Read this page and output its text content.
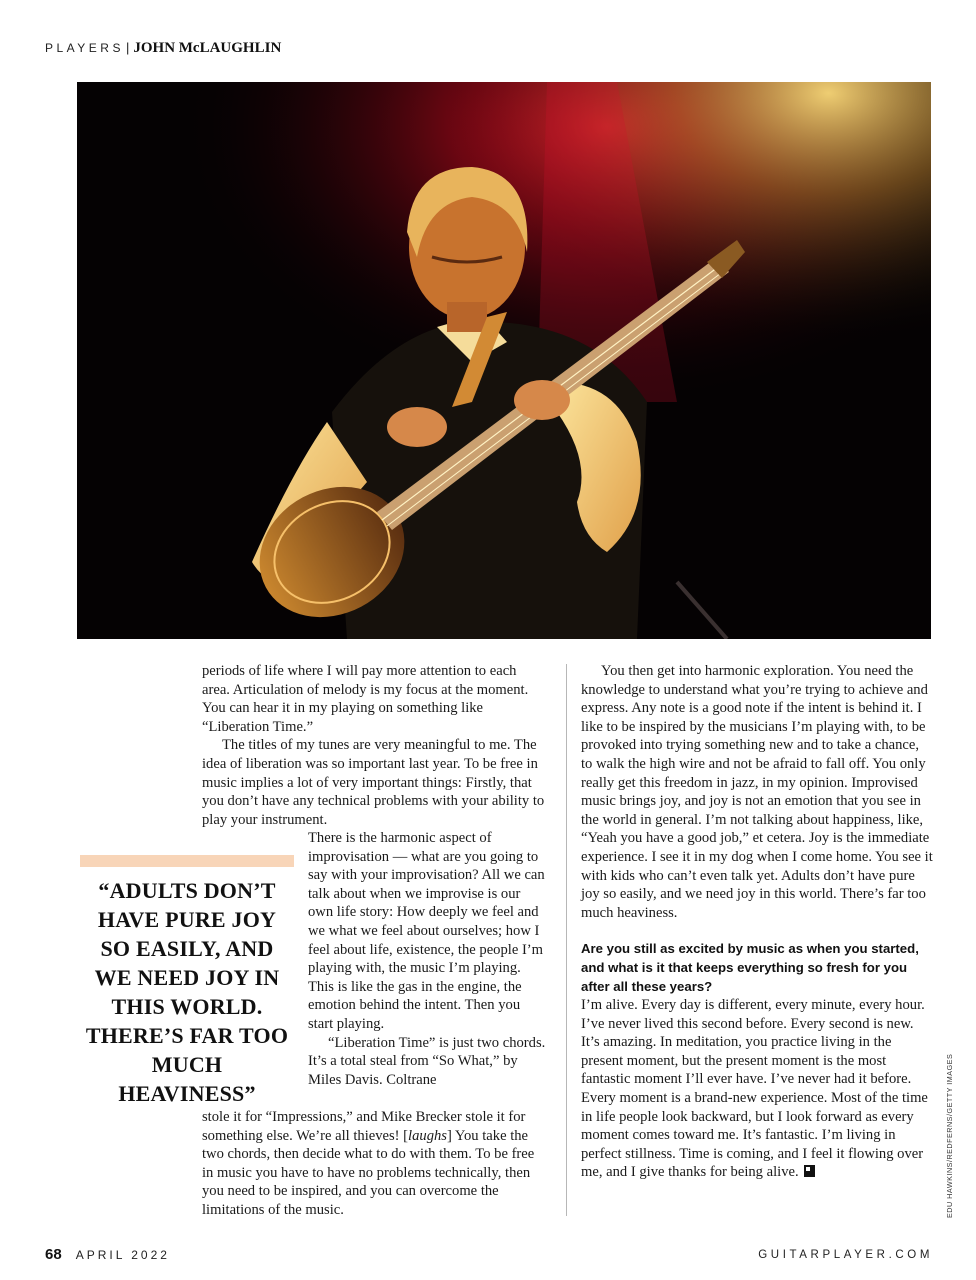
PLAYERS | JOHN McLAUGHLIN

periods of life where I will pay more attention to each area. Articulation of melody is my focus at the moment. You can hear it in my playing on something like “Liberation Time.”

The titles of my tunes are very meaningful to me. The idea of liberation was so important last year. To be free in music implies a lot of very important things: Firstly, that you don’t have any technical problems with your ability to play your instrument.

“ADULTS DON’T HAVE PURE JOY SO EASILY, AND WE NEED JOY IN THIS WORLD. THERE’S FAR TOO MUCH HEAVINESS”

There is the harmonic aspect of improvisation — what are you going to say with your improvisation? All we can talk about when we improvise is our own life story: How deeply we feel and we what we feel about ourselves; how I feel about life, existence, the people I’m playing with, the music I’m playing. This is like the gas in the engine, the emotion behind the intent. Then you start playing.

“Liberation Time” is just two chords. It’s a total steal from “So What,” by Miles Davis. Coltrane

stole it for “Impressions,” and Mike Brecker stole it for something else. We’re all thieves! [laughs] You take the two chords, then decide what to do with them. To be free in music you have to have no problems technically, then you need to be inspired, and you can overcome the limitations of the music.

You then get into harmonic exploration. You need the knowledge to understand what you’re trying to achieve and express. Any note is a good note if the intent is behind it. I like to be inspired by the musicians I’m playing with, to be provoked into trying something new and to take a chance, to walk the high wire and not be afraid to fall off. You only really get this freedom in jazz, in my opinion. Improvised music brings joy, and joy is not an emotion that you see in the world in general. I’m not talking about happiness, like, “Yeah you have a good job,” et cetera. Joy is the immediate experience. I see it in my dog when I come home. You see it with kids who can’t even talk yet. Adults don’t have pure joy so easily, and we need joy in this world. There’s far too much heaviness.

Are you still as excited by music as when you started, and what is it that keeps everything so fresh for you after all these years?

I’m alive. Every day is different, every minute, every hour. I’ve never lived this second before. Every second is new. It’s amazing. In meditation, you practice living in the present moment, but the present moment is the most fantastic moment I’ll ever have. I’ve never had it before. Every moment is a brand-new experience. Most of the time in life people look backward, but I look forward as every moment comes toward me. It’s fantastic. I’m living in perfect stillness. Time is coming, and I feel it flowing over me, and I give thanks for being alive.	EDU HAWKINS/REDFERNS/GETTY IMAGES
68 APRIL 2022	GUITARPLAYER.COM
